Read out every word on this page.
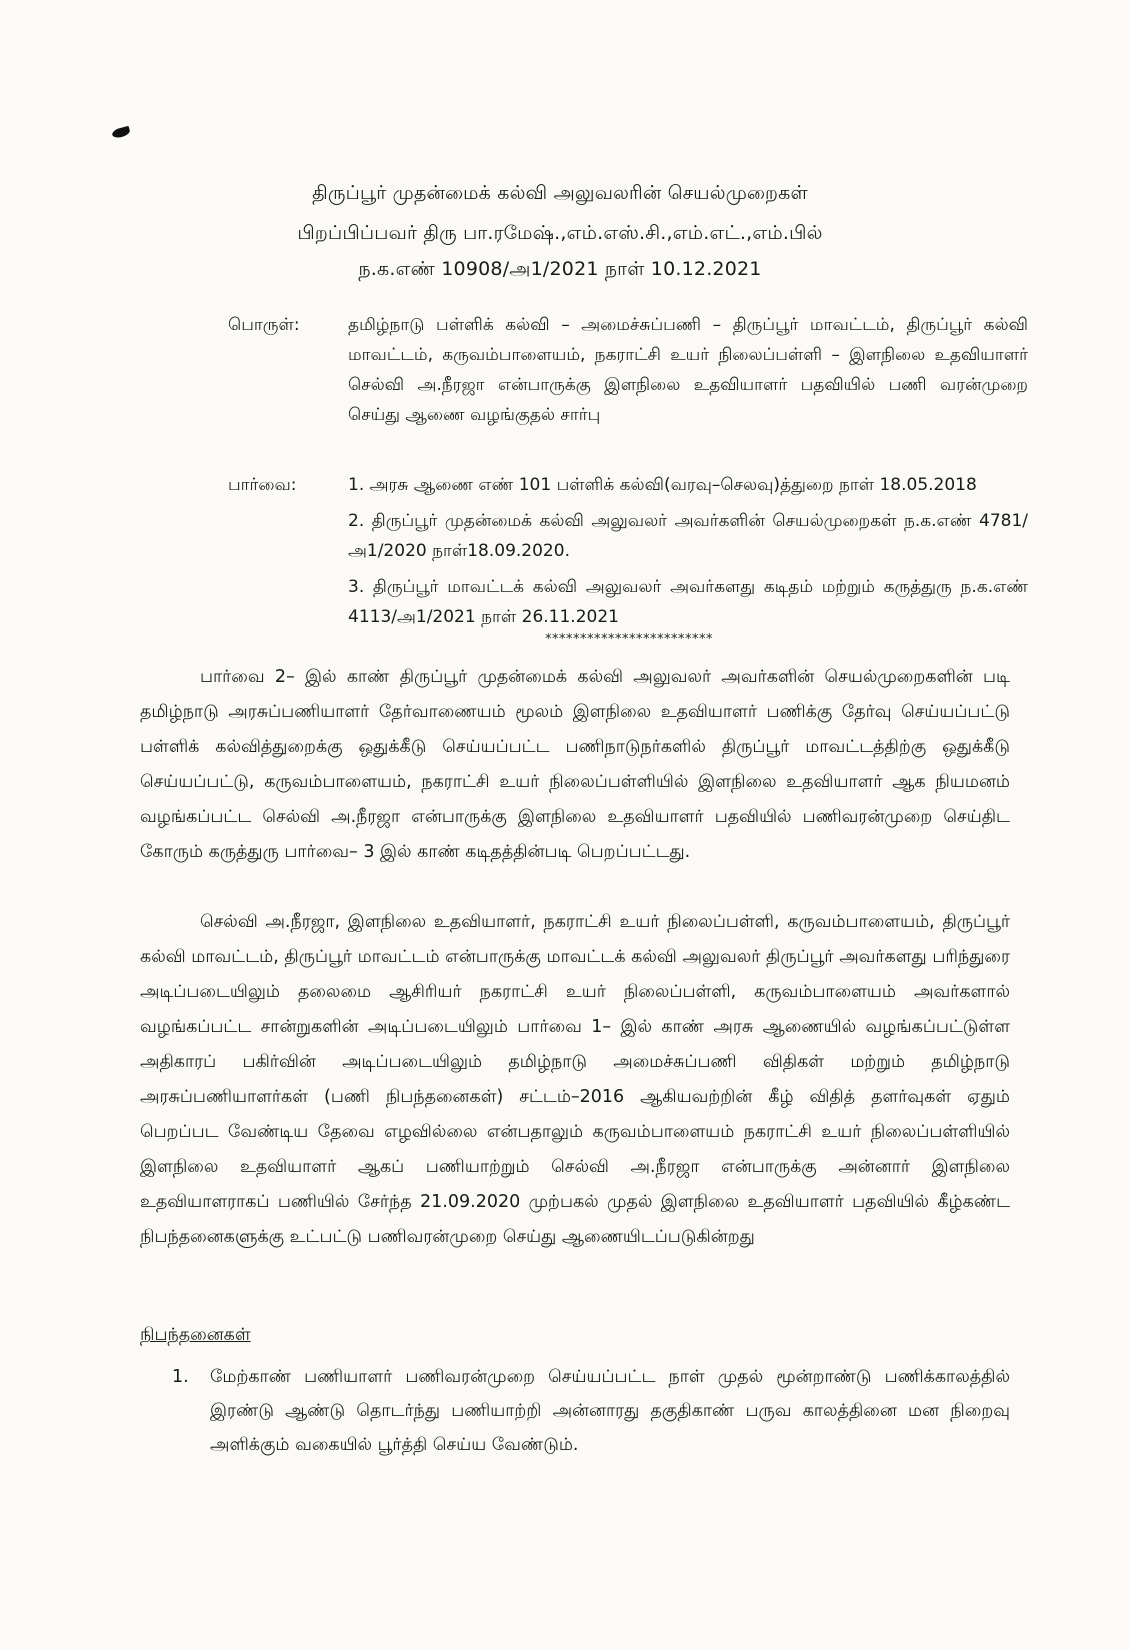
திருப்பூர் முதன்மைக் கல்வி அலுவலரின் செயல்முறைகள்
பிறப்பிப்பவர் திரு பா.ரமேஷ்.,எம்.எஸ்.சி.,எம்.எட்.,எம்.பில்
ந.க.எண் 10908/அ1/2021 நாள் 10.12.2021
பொருள்:	தமிழ்நாடு பள்ளிக் கல்வி – அமைச்சுப்பணி – திருப்பூர் மாவட்டம், திருப்பூர் கல்வி மாவட்டம், கருவம்பாளையம், நகராட்சி உயர் நிலைப்பள்ளி – இளநிலை உதவியாளர் செல்வி அ.நீரஜா என்பாருக்கு இளநிலை உதவியாளர் பதவியில் பணி வரன்முறை செய்து ஆணை வழங்குதல் சார்பு
பார்வை:	1. அரசு ஆணை எண் 101 பள்ளிக் கல்வி(வரவு–செலவு)த்துறை நாள் 18.05.2018
2. திருப்பூர் முதன்மைக் கல்வி அலுவலர் அவர்களின் செயல்முறைகள் ந.க.எண் 4781/அ1/2020 நாள்18.09.2020.
3. திருப்பூர் மாவட்டக் கல்வி அலுவலர் அவர்களது கடிதம் மற்றும் கருத்துரு ந.க.எண் 4113/அ1/2021 நாள் 26.11.2021
************************
பார்வை 2– இல் காண் திருப்பூர் முதன்மைக் கல்வி அலுவலர் அவர்களின் செயல்முறைகளின் படி தமிழ்நாடு அரசுப்பணியாளர் தேர்வாணையம் மூலம் இளநிலை உதவியாளர் பணிக்கு தேர்வு செய்யப்பட்டு பள்ளிக் கல்வித்துறைக்கு ஒதுக்கீடு செய்யப்பட்ட பணிநாடுநர்களில் திருப்பூர் மாவட்டத்திற்கு ஒதுக்கீடு செய்யப்பட்டு, கருவம்பாளையம், நகராட்சி உயர் நிலைப்பள்ளியில் இளநிலை உதவியாளர் ஆக நியமனம் வழங்கப்பட்ட செல்வி அ.நீரஜா என்பாருக்கு இளநிலை உதவியாளர் பதவியில் பணிவரன்முறை செய்திட கோரும் கருத்துரு பார்வை– 3 இல் காண் கடிதத்தின்படி பெறப்பட்டது.
செல்வி அ.நீரஜா, இளநிலை உதவியாளர், நகராட்சி உயர் நிலைப்பள்ளி, கருவம்பாளையம், திருப்பூர் கல்வி மாவட்டம், திருப்பூர் மாவட்டம் என்பாருக்கு மாவட்டக் கல்வி அலுவலர் திருப்பூர் அவர்களது பரிந்துரை அடிப்படையிலும் தலைமை ஆசிரியர் நகராட்சி உயர் நிலைப்பள்ளி, கருவம்பாளையம் அவர்களால் வழங்கப்பட்ட சான்றுகளின் அடிப்படையிலும் பார்வை 1– இல் காண் அரசு ஆணையில் வழங்கப்பட்டுள்ள அதிகாரப் பகிர்வின் அடிப்படையிலும் தமிழ்நாடு அமைச்சுப்பணி விதிகள் மற்றும் தமிழ்நாடு அரசுப்பணியாளர்கள் (பணி நிபந்தனைகள்) சட்டம்–2016 ஆகியவற்றின் கீழ் விதித் தளர்வுகள் ஏதும் பெறப்பட வேண்டிய தேவை எழவில்லை என்பதாலும் கருவம்பாளையம் நகராட்சி உயர் நிலைப்பள்ளியில் இளநிலை உதவியாளர் ஆகப் பணியாற்றும் செல்வி அ.நீரஜா என்பாருக்கு அன்னார் இளநிலை உதவியாளராகப் பணியில் சேர்ந்த 21.09.2020 முற்பகல் முதல் இளநிலை உதவியாளர் பதவியில் கீழ்கண்ட நிபந்தனைகளுக்கு உட்பட்டு பணிவரன்முறை செய்து ஆணையிடப்படுகின்றது
நிபந்தனைகள்
1.	மேற்காண் பணியாளர் பணிவரன்முறை செய்யப்பட்ட நாள் முதல் மூன்றாண்டு பணிக்காலத்தில் இரண்டு ஆண்டு தொடர்ந்து பணியாற்றி அன்னாரது தகுதிகாண் பருவ காலத்தினை மன நிறைவு அளிக்கும் வகையில் பூர்த்தி செய்ய வேண்டும்.
